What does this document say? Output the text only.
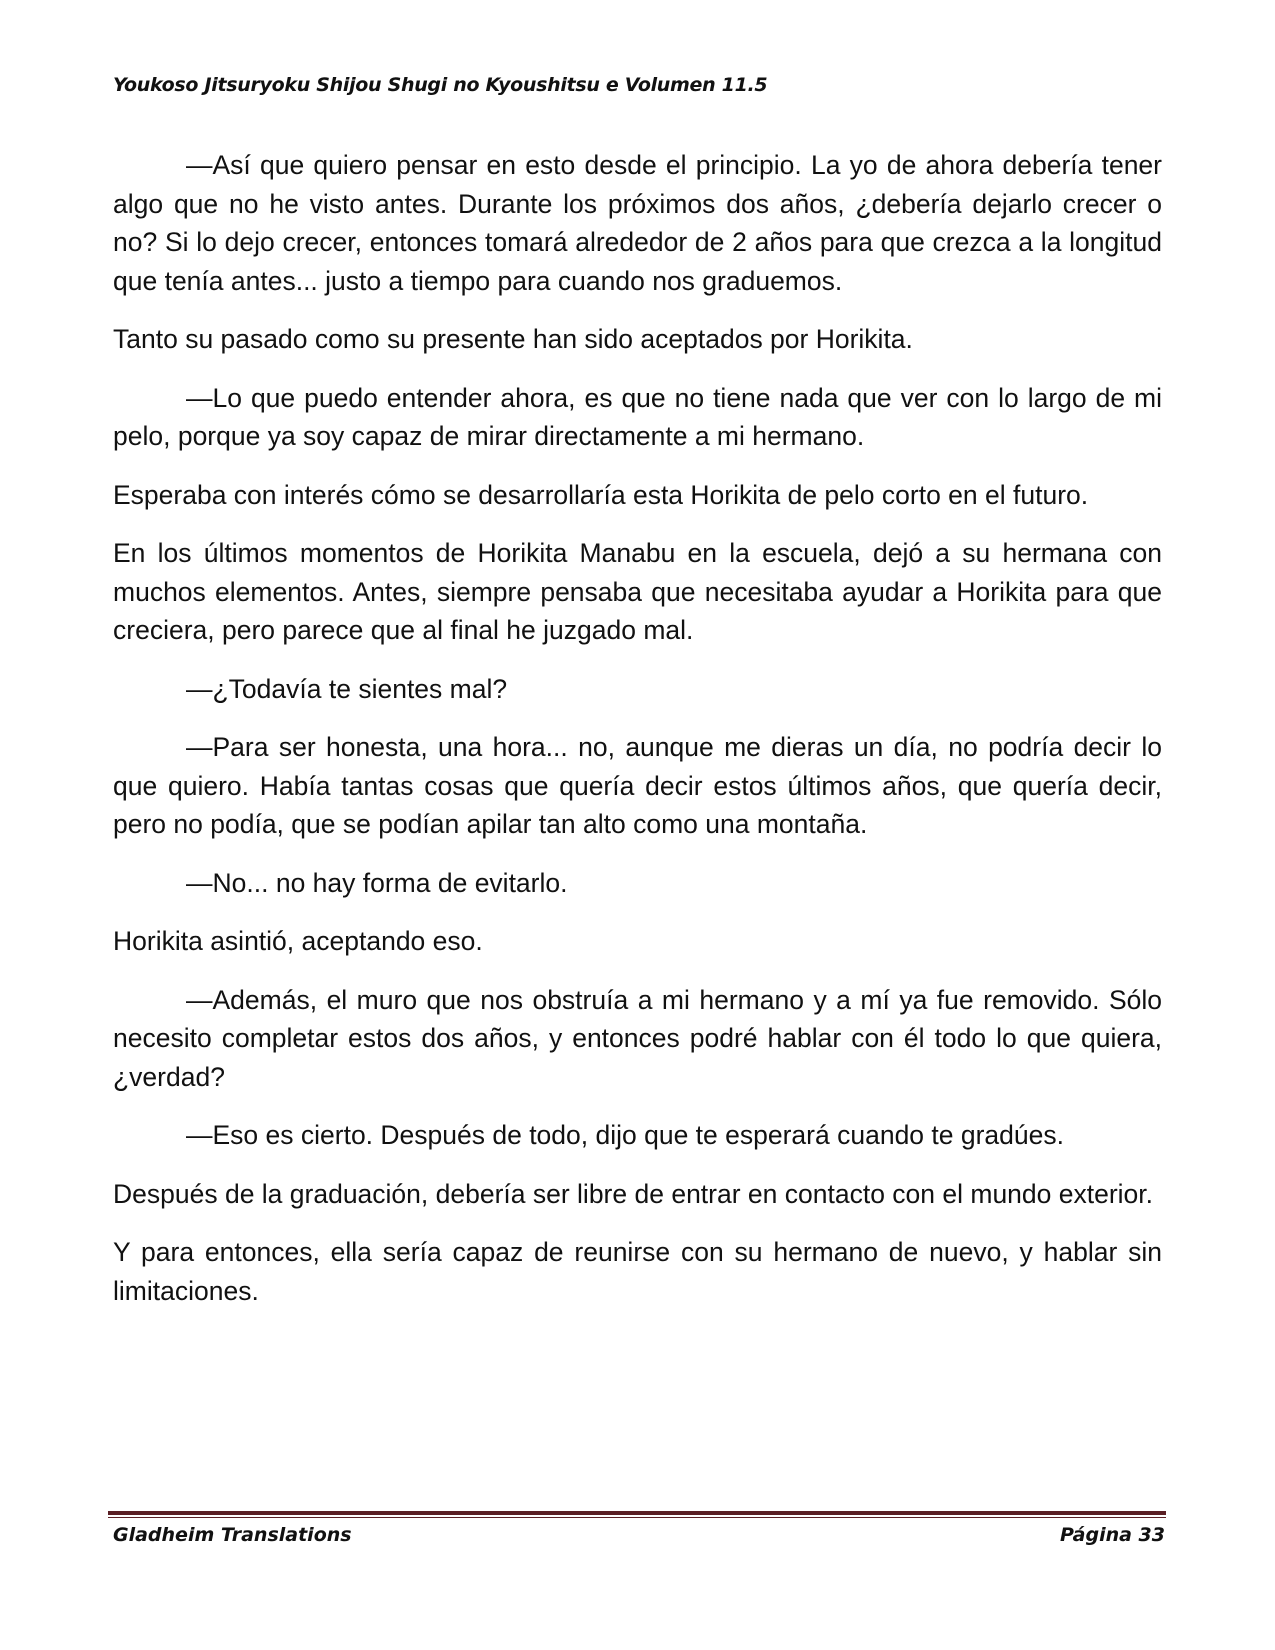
Youkoso Jitsuryoku Shijou Shugi no Kyoushitsu e Volumen 11.5

—Así que quiero pensar en esto desde el principio. La yo de ahora debería tener algo que no he visto antes. Durante los próximos dos años, ¿debería dejarlo crecer o no? Si lo dejo crecer, entonces tomará alrededor de 2 años para que crezca a la longitud que tenía antes... justo a tiempo para cuando nos graduemos.

Tanto su pasado como su presente han sido aceptados por Horikita.

—Lo que puedo entender ahora, es que no tiene nada que ver con lo largo de mi pelo, porque ya soy capaz de mirar directamente a mi hermano.

Esperaba con interés cómo se desarrollaría esta Horikita de pelo corto en el futuro.

En los últimos momentos de Horikita Manabu en la escuela, dejó a su hermana con muchos elementos. Antes, siempre pensaba que necesitaba ayudar a Horikita para que creciera, pero parece que al final he juzgado mal.

—¿Todavía te sientes mal?

—Para ser honesta, una hora... no, aunque me dieras un día, no podría decir lo que quiero. Había tantas cosas que quería decir estos últimos años, que quería decir, pero no podía, que se podían apilar tan alto como una montaña.

—No... no hay forma de evitarlo.

Horikita asintió, aceptando eso.

—Además, el muro que nos obstruía a mi hermano y a mí ya fue removido. Sólo necesito completar estos dos años, y entonces podré hablar con él todo lo que quiera, ¿verdad?

—Eso es cierto. Después de todo, dijo que te esperará cuando te gradúes.

Después de la graduación, debería ser libre de entrar en contacto con el mundo exterior.

Y para entonces, ella sería capaz de reunirse con su hermano de nuevo, y hablar sin limitaciones.

Gladheim Translations	Página 33
